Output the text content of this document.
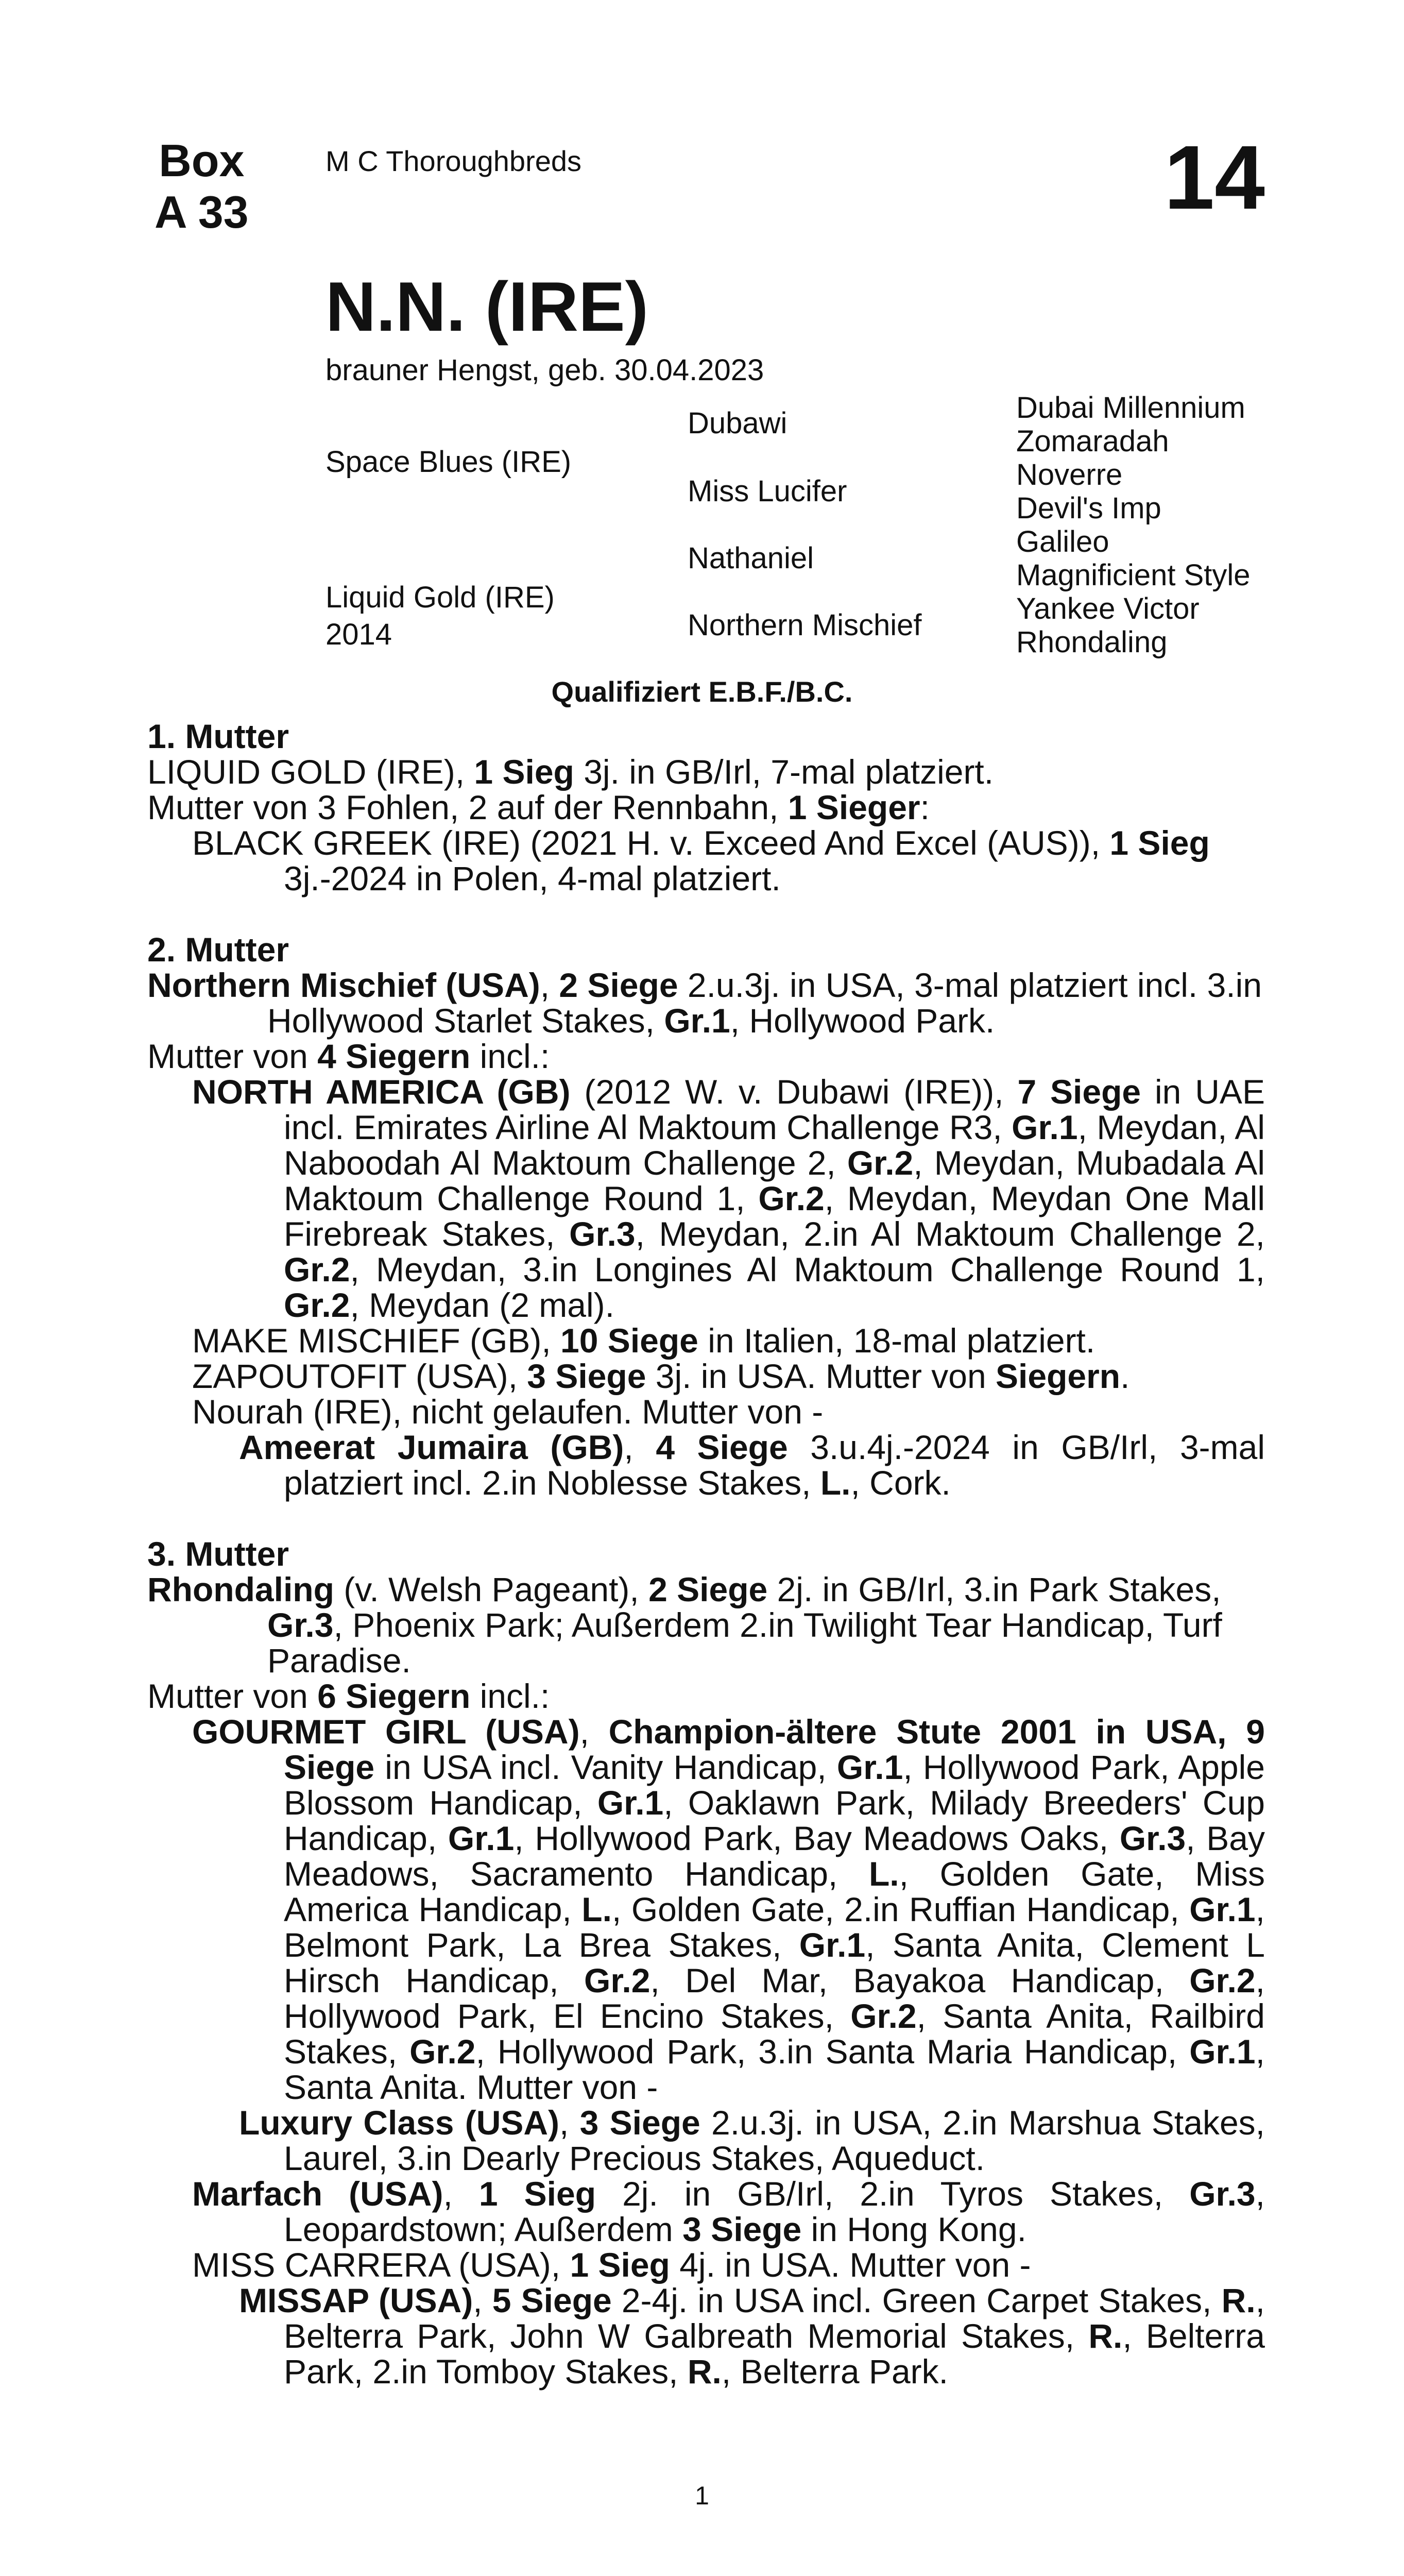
Box
A 33
M C Thoroughbreds	14
N.N. (IRE)
brauner Hengst, geb. 30.04.2023
Space Blues (IRE)
Liquid Gold (IRE)
2014
Dubawi
Miss Lucifer
Nathaniel
Northern Mischief
Dubai Millennium
Zomaradah
Noverre
Devil's Imp
Galileo
Magnificient Style
Yankee Victor
Rhondaling
Qualifiziert E.B.F./B.C.

1. Mutter

LIQUID GOLD (IRE), 1 Sieg 3j. in GB/Irl, 7-mal platziert.

Mutter von 3 Fohlen, 2 auf der Rennbahn, 1 Sieger:

BLACK GREEK (IRE) (2021 H. v. Exceed And Excel (AUS)), 1 Sieg 3j.-2024 in Polen, 4-mal platziert.

2. Mutter

Northern Mischief (USA), 2 Siege 2.u.3j. in USA, 3-mal platziert incl. 3.in Hollywood Starlet Stakes, Gr.1, Hollywood Park.

Mutter von 4 Siegern incl.:

NORTH AMERICA (GB) (2012 W. v. Dubawi (IRE)), 7 Siege in UAE incl. Emirates Airline Al Maktoum Challenge R3, Gr.1, Meydan, Al Naboodah Al Maktoum Challenge 2, Gr.2, Meydan, Mubadala Al Maktoum Challenge Round 1, Gr.2, Meydan, Meydan One Mall Firebreak Stakes, Gr.3, Meydan, 2.in Al Maktoum Challenge 2, Gr.2, Meydan, 3.in Longines Al Maktoum Challenge Round 1, Gr.2, Meydan (2 mal).

MAKE MISCHIEF (GB), 10 Siege in Italien, 18-mal platziert.

ZAPOUTOFIT (USA), 3 Siege 3j. in USA. Mutter von Siegern.

Nourah (IRE), nicht gelaufen. Mutter von -

Ameerat Jumaira (GB), 4 Siege 3.u.4j.-2024 in GB/Irl, 3-mal platziert incl. 2.in Noblesse Stakes, L., Cork.

3. Mutter

Rhondaling (v. Welsh Pageant), 2 Siege 2j. in GB/Irl, 3.in Park Stakes, Gr.3, Phoenix Park; Außerdem 2.in Twilight Tear Handicap, Turf Paradise.

Mutter von 6 Siegern incl.:

GOURMET GIRL (USA), Champion-ältere Stute 2001 in USA, 9 Siege in USA incl. Vanity Handicap, Gr.1, Hollywood Park, Apple Blossom Handicap, Gr.1, Oaklawn Park, Milady Breeders' Cup Handicap, Gr.1, Hollywood Park, Bay Meadows Oaks, Gr.3, Bay Meadows, Sacramento Handicap, L., Golden Gate, Miss America Handicap, L., Golden Gate, 2.in Ruffian Handicap, Gr.1, Belmont Park, La Brea Stakes, Gr.1, Santa Anita, Clement L Hirsch Handicap, Gr.2, Del Mar, Bayakoa Handicap, Gr.2, Hollywood Park, El Encino Stakes, Gr.2, Santa Anita, Railbird Stakes, Gr.2, Hollywood Park, 3.in Santa Maria Handicap, Gr.1, Santa Anita. Mutter von -

Luxury Class (USA), 3 Siege 2.u.3j. in USA, 2.in Marshua Stakes, Laurel, 3.in Dearly Precious Stakes, Aqueduct.

Marfach (USA), 1 Sieg 2j. in GB/Irl, 2.in Tyros Stakes, Gr.3, Leopardstown; Außerdem 3 Siege in Hong Kong.

MISS CARRERA (USA), 1 Sieg 4j. in USA. Mutter von -

MISSAP (USA), 5 Siege 2-4j. in USA incl. Green Carpet Stakes, R., Belterra Park, John W Galbreath Memorial Stakes, R., Belterra Park, 2.in Tomboy Stakes, R., Belterra Park.

1
